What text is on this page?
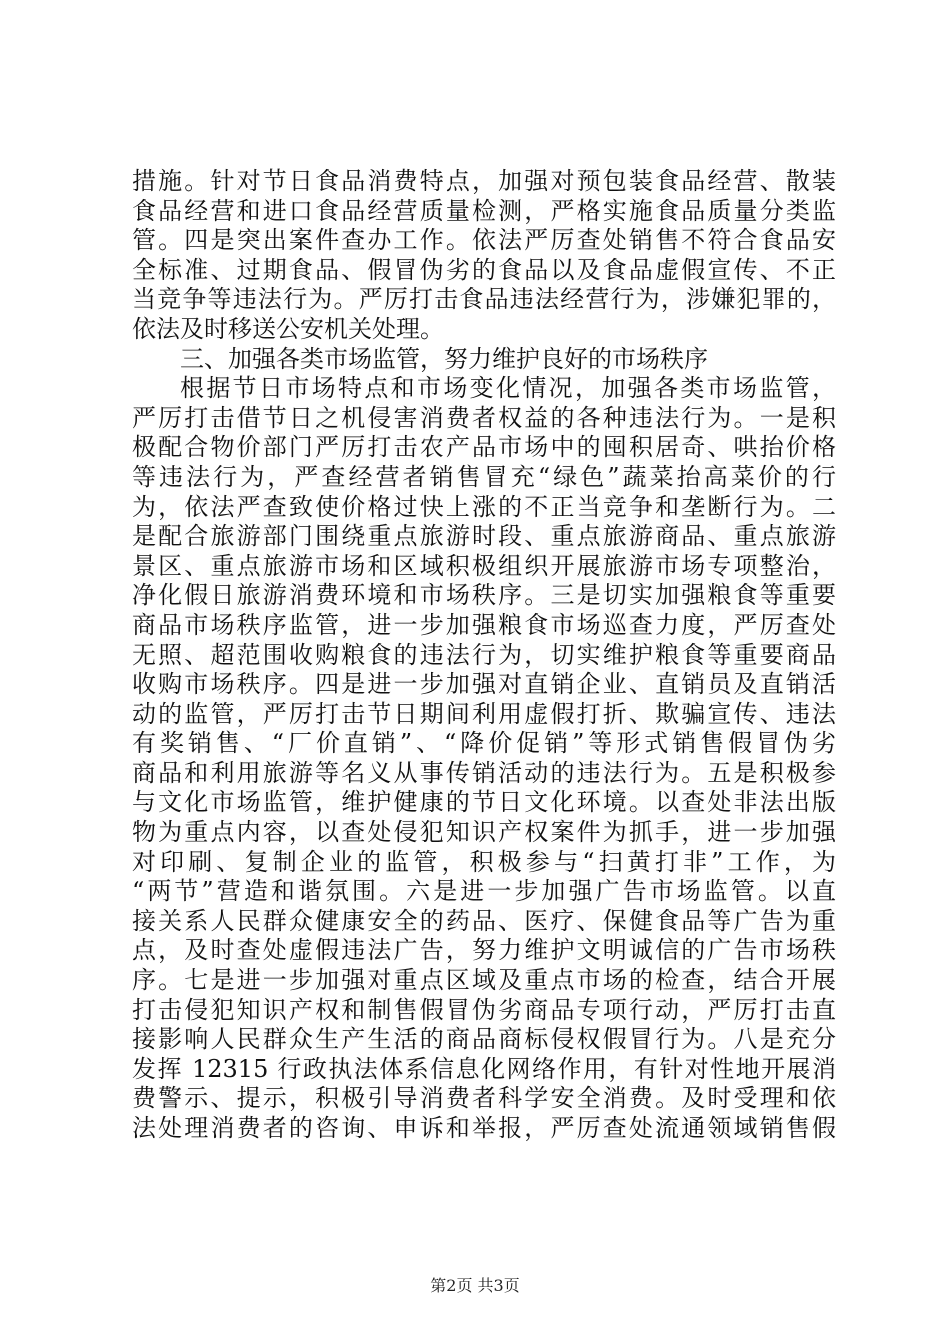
措施。针对节日食品消费特点，加强对预包装食品经营、散装
食品经营和进口食品经营质量检测，严格实施食品质量分类监
管。四是突出案件查办工作。依法严厉查处销售不符合食品安
全标准、过期食品、假冒伪劣的食品以及食品虚假宣传、不正
当竞争等违法行为。严厉打击食品违法经营行为，涉嫌犯罪的，
依法及时移送公安机关处理。
三、加强各类市场监管，努力维护良好的市场秩序
根据节日市场特点和市场变化情况，加强各类市场监管，
严厉打击借节日之机侵害消费者权益的各种违法行为。一是积
极配合物价部门严厉打击农产品市场中的囤积居奇、哄抬价格
等违法行为，严查经营者销售冒充“绿色”蔬菜抬高菜价的行
为，依法严查致使价格过快上涨的不正当竞争和垄断行为。二
是配合旅游部门围绕重点旅游时段、重点旅游商品、重点旅游
景区、重点旅游市场和区域积极组织开展旅游市场专项整治，
净化假日旅游消费环境和市场秩序。三是切实加强粮食等重要
商品市场秩序监管，进一步加强粮食市场巡查力度，严厉查处
无照、超范围收购粮食的违法行为，切实维护粮食等重要商品
收购市场秩序。四是进一步加强对直销企业、直销员及直销活
动的监管，严厉打击节日期间利用虚假打折、欺骗宣传、违法
有奖销售、“厂价直销”、“降价促销”等形式销售假冒伪劣
商品和利用旅游等名义从事传销活动的违法行为。五是积极参
与文化市场监管，维护健康的节日文化环境。以查处非法出版
物为重点内容，以查处侵犯知识产权案件为抓手，进一步加强
对印刷、复制企业的监管，积极参与“扫黄打非”工作，为
“两节”营造和谐氛围。六是进一步加强广告市场监管。以直
接关系人民群众健康安全的药品、医疗、保健食品等广告为重
点，及时查处虚假违法广告，努力维护文明诚信的广告市场秩
序。七是进一步加强对重点区域及重点市场的检查，结合开展
打击侵犯知识产权和制售假冒伪劣商品专项行动，严厉打击直
接影响人民群众生产生活的商品商标侵权假冒行为。八是充分
发挥 12315 行政执法体系信息化网络作用，有针对性地开展消
费警示、提示，积极引导消费者科学安全消费。及时受理和依
法处理消费者的咨询、申诉和举报，严厉查处流通领域销售假
第2页 共3页
